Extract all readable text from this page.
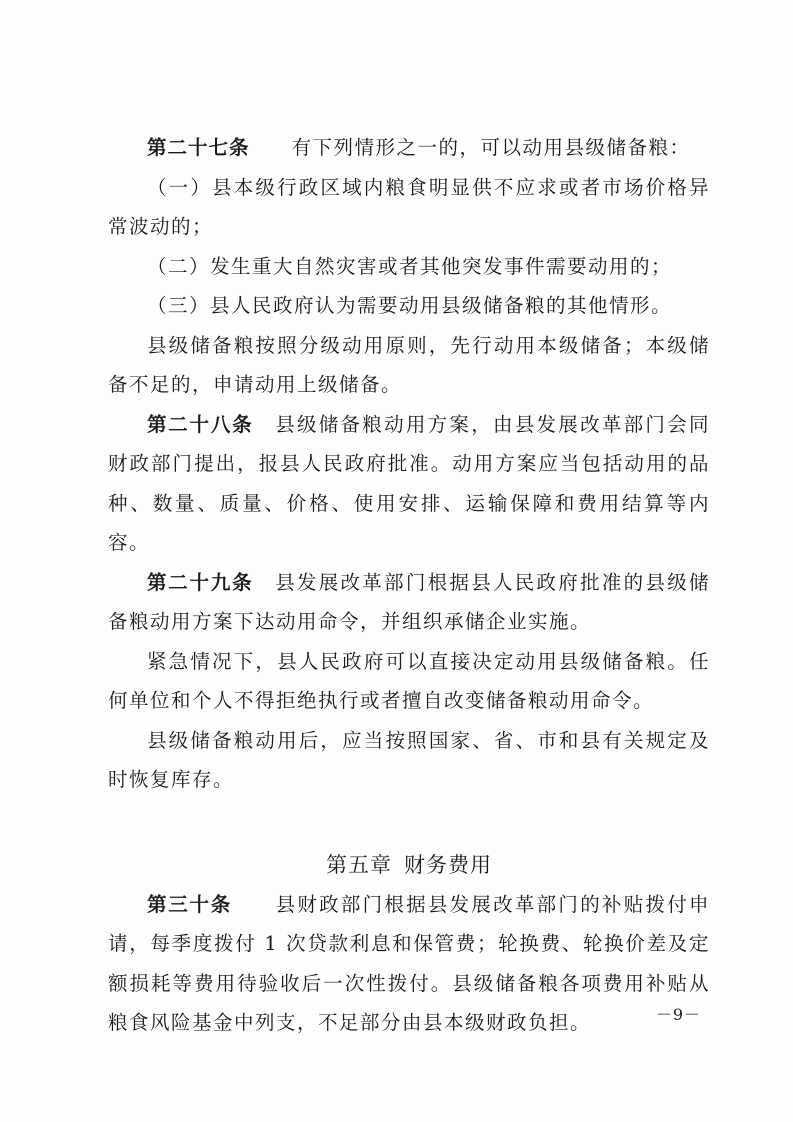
第二十七条　　 有下列情形之一的，可以动用县级储备粮：

（一）县本级行政区域内粮食明显供不应求或者市场价格异常波动的；

（二）发生重大自然灾害或者其他突发事件需要动用的；

（三）县人民政府认为需要动用县级储备粮的其他情形。

县级储备粮按照分级动用原则，先行动用本级储备；本级储备不足的，申请动用上级储备。

第二十八条　 县级储备粮动用方案，由县发展改革部门会同财政部门提出，报县人民政府批准。动用方案应当包括动用的品种、数量、质量、价格、使用安排、运输保障和费用结算等内容。

第二十九条　 县发展改革部门根据县人民政府批准的县级储备粮动用方案下达动用命令，并组织承储企业实施。

紧急情况下，县人民政府可以直接决定动用县级储备粮。任何单位和个人不得拒绝执行或者擅自改变储备粮动用命令。

县级储备粮动用后，应当按照国家、省、市和县有关规定及时恢复库存。

第五章 财务费用

第三十条　　 县财政部门根据县发展改革部门的补贴拨付申请，每季度拨付 1 次贷款利息和保管费；轮换费、轮换价差及定额损耗等费用待验收后一次性拨付。县级储备粮各项费用补贴从粮食风险基金中列支，不足部分由县本级财政负担。	－9－
